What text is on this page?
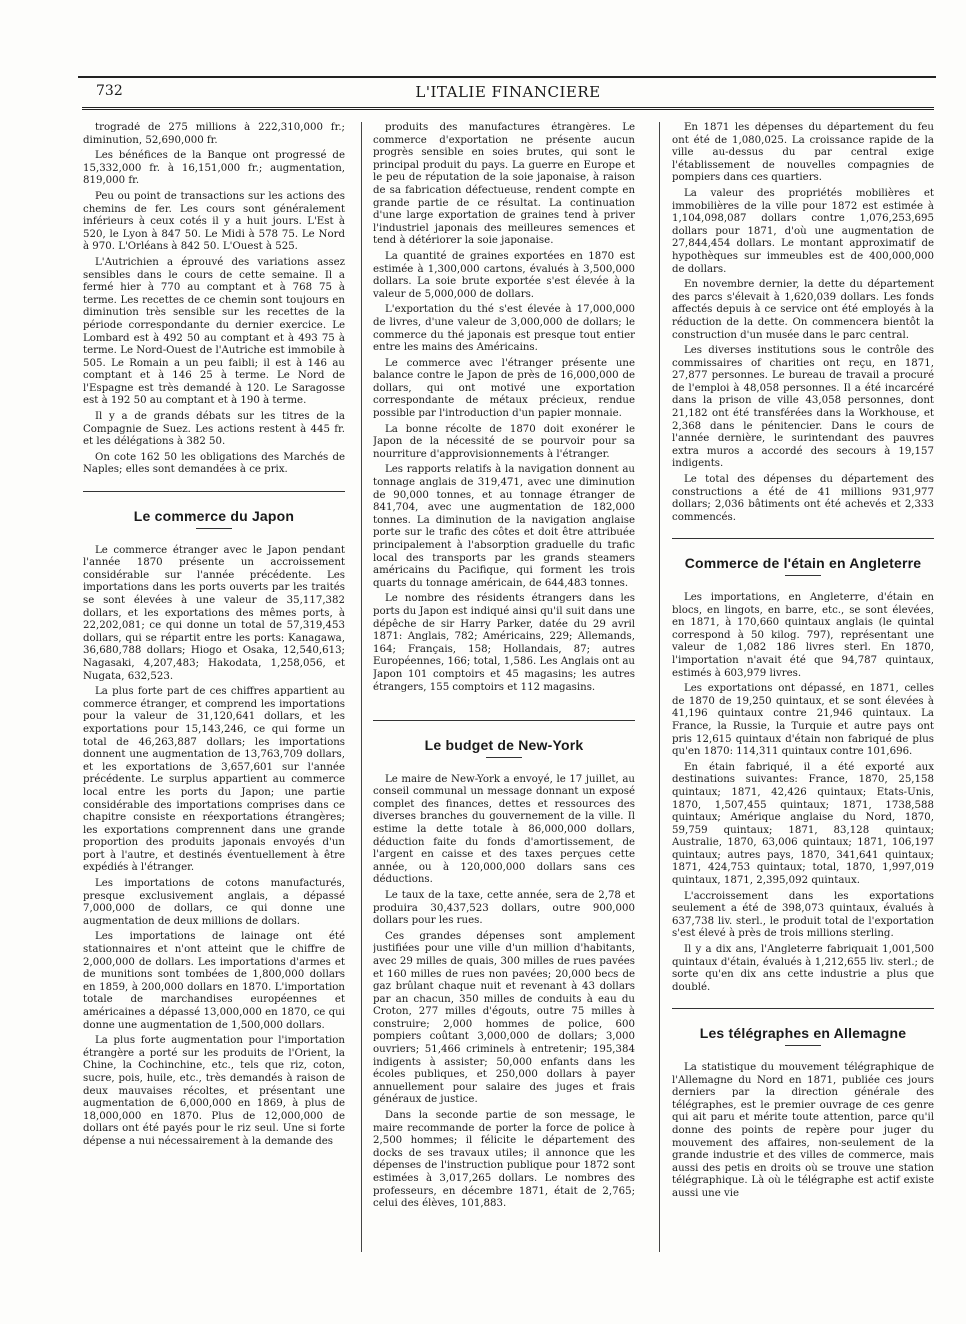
732	L'ITALIE FINANCIERE

trogradé de 275 millions à 222,310,000 fr.; diminution, 52,690,000 fr.

Les bénéfices de la Banque ont progressé de 15,332,000 fr. à 16,151,000 fr.; augmentation, 819,000 fr.

Peu ou point de transactions sur les actions des chemins de fer. Les cours sont généralement inférieurs à ceux cotés il y a huit jours. L'Est à 520, le Lyon à 847 50. Le Midi à 578 75. Le Nord à 970. L'Orléans à 842 50. L'Ouest à 525.

L'Autrichien a éprouvé des variations assez sensibles dans le cours de cette semaine. Il a fermé hier à 770 au comptant et à 768 75 à terme. Les recettes de ce chemin sont toujours en diminution très sensible sur les recettes de la période correspondante du dernier exercice. Le Lombard est à 492 50 au comptant et à 493 75 à terme. Le Nord-Ouest de l'Autriche est immobile à 505. Le Romain a un peu faibli; il est à 146 au comptant et à 146 25 à terme. Le Nord de l'Espagne est très demandé à 120. Le Saragosse est à 192 50 au comptant et à 190 à terme.

Il y a de grands débats sur les titres de la Compagnie de Suez. Les actions restent à 445 fr. et les délégations à 382 50.

On cote 162 50 les obligations des Marchés de Naples; elles sont demandées à ce prix.

Le commerce du Japon

Le commerce étranger avec le Japon pendant l'année 1870 présente un accroissement considérable sur l'année précédente. Les importations dans les ports ouverts par les traités se sont élevées à une valeur de 35,117,382 dollars, et les exportations des mêmes ports, à 22,202,081; ce qui donne un total de 57,319,453 dollars, qui se répartit entre les ports: Kanagawa, 36,680,788 dollars; Hiogo et Osaka, 12,540,613; Nagasaki, 4,207,483; Hakodata, 1,258,056, et Nugata, 632,523.

La plus forte part de ces chiffres appartient au commerce étranger, et comprend les importations pour la valeur de 31,120,641 dollars, et les exportations pour 15,143,246, ce qui forme un total de 46,263,887 dollars; les importations donnent une augmentation de 13,763,709 dollars, et les exportations de 3,657,601 sur l'année précédente. Le surplus appartient au commerce local entre les ports du Japon; une partie considérable des importations comprises dans ce chapitre consiste en réexportations étrangères; les exportations comprennent dans une grande proportion des produits japonais envoyés d'un port à l'autre, et destinés éventuellement à être expédiés à l'étranger.

Les importations de cotons manufacturés, presque exclusivement anglais, a dépassé 7,000,000 de dollars, ce qui donne une augmentation de deux millions de dollars.

Les importations de lainage ont été stationnaires et n'ont atteint que le chiffre de 2,000,000 de dollars. Les importations d'armes et de munitions sont tombées de 1,800,000 dollars en 1859, à 200,000 dollars en 1870. L'importation totale de marchandises européennes et américaines a dépassé 13,000,000 en 1870, ce qui donne une augmentation de 1,500,000 dollars.

La plus forte augmentation pour l'importation étrangère a porté sur les produits de l'Orient, la Chine, la Cochinchine, etc., tels que riz, coton, sucre, pois, huile, etc., très demandés à raison de deux mauvaises récoltes, et présentant une augmentation de 6,000,000 en 1869, à plus de 18,000,000 en 1870. Plus de 12,000,000 de dollars ont été payés pour le riz seul. Une si forte dépense a nui nécessairement à la demande des

produits des manufactures étrangères. Le commerce d'exportation ne présente aucun progrès sensible en soies brutes, qui sont le principal produit du pays. La guerre en Europe et le peu de réputation de la soie japonaise, à raison de sa fabrication défectueuse, rendent compte en grande partie de ce résultat. La continuation d'une large exportation de graines tend à priver l'industriel japonais des meilleures semences et tend à détériorer la soie japonaise.

La quantité de graines exportées en 1870 est estimée à 1,300,000 cartons, évalués à 3,500,000 dollars. La soie brute exportée s'est élevée à la valeur de 5,000,000 de dollars.

L'exportation du thé s'est élevée à 17,000,000 de livres, d'une valeur de 3,000,000 de dollars; le commerce du thé japonais est presque tout entier entre les mains des Américains.

Le commerce avec l'étranger présente une balance contre le Japon de près de 16,000,000 de dollars, qui ont motivé une exportation correspondante de métaux précieux, rendue possible par l'introduction d'un papier monnaie.

La bonne récolte de 1870 doit exonérer le Japon de la nécessité de se pourvoir pour sa nourriture d'approvisionnements à l'étranger.

Les rapports relatifs à la navigation donnent au tonnage anglais de 319,471, avec une diminution de 90,000 tonnes, et au tonnage étranger de 841,704, avec une augmentation de 182,000 tonnes. La diminution de la navigation anglaise porte sur le trafic des côtes et doit être attribuée principalement à l'absorption graduelle du trafic local des transports par les grands steamers américains du Pacifique, qui forment les trois quarts du tonnage américain, de 644,483 tonnes.

Le nombre des résidents étrangers dans les ports du Japon est indiqué ainsi qu'il suit dans une dépêche de sir Harry Parker, datée du 29 avril 1871: Anglais, 782; Américains, 229; Allemands, 164; Français, 158; Hollandais, 87; autres Européennes, 166; total, 1,586. Les Anglais ont au Japon 101 comptoirs et 45 magasins; les autres étrangers, 155 comptoirs et 112 magasins.

Le budget de New-York

Le maire de New-York a envoyé, le 17 juillet, au conseil communal un message donnant un exposé complet des finances, dettes et ressources des diverses branches du gouvernement de la ville. Il estime la dette totale à 86,000,000 dollars, déduction faite du fonds d'amortissement, de l'argent en caisse et des taxes perçues cette année, ou à 120,000,000 dollars sans ces déductions.

Le taux de la taxe, cette année, sera de 2,78 et produira 30,437,523 dollars, outre 900,000 dollars pour les rues.

Ces grandes dépenses sont amplement justifiées pour une ville d'un million d'habitants, avec 29 milles de quais, 300 milles de rues pavées et 160 milles de rues non pavées; 20,000 becs de gaz brûlant chaque nuit et revenant à 43 dollars par an chacun, 350 milles de conduits à eau du Croton, 277 milles d'égouts, outre 75 milles à construire; 2,000 hommes de police, 600 pompiers coûtant 3,000,000 de dollars; 3,000 ouvriers; 51,466 criminels à entretenir; 195,384 indigents à assister; 50,000 enfants dans les écoles publiques, et 250,000 dollars à payer annuellement pour salaire des juges et frais généraux de justice.

Dans la seconde partie de son message, le maire recommande de porter la force de police à 2,500 hommes; il félicite le département des docks de ses travaux utiles; il annonce que les dépenses de l'instruction publique pour 1872 sont estimées à 3,017,265 dollars. Le nombres des professeurs, en décembre 1871, était de 2,765; celui des élèves, 101,883.

En 1871 les dépenses du département du feu ont été de 1,080,025. La croissance rapide de la ville au-dessus du par central exige l'établissement de nouvelles compagnies de pompiers dans ces quartiers.

La valeur des propriétés mobilières et immobilières de la ville pour 1872 est estimée à 1,104,098,087 dollars contre 1,076,253,695 dollars pour 1871, d'où une augmentation de 27,844,454 dollars. Le montant approximatif de hypothèques sur immeubles est de 400,000,000 de dollars.

En novembre dernier, la dette du département des parcs s'élevait à 1,620,039 dollars. Les fonds affectés depuis à ce service ont été employés à la réduction de la dette. On commencera bientôt la construction d'un musée dans le parc central.

Les diverses institutions sous le contrôle des commissaires of charities ont reçu, en 1871, 27,877 personnes. Le bureau de travail a procuré de l'emploi à 48,058 personnes. Il a été incarcéré dans la prison de ville 43,058 personnes, dont 21,182 ont été transférées dans la Workhouse, et 2,368 dans le pénitencier. Dans le cours de l'année dernière, le surintendant des pauvres extra muros a accordé des secours à 19,157 indigents.

Le total des dépenses du département des constructions a été de 41 millions 931,977 dollars; 2,036 bâtiments ont été achevés et 2,333 commencés.

Commerce de l'étain en Angleterre

Les importations, en Angleterre, d'étain en blocs, en lingots, en barre, etc., se sont élevées, en 1871, à 170,660 quintaux anglais (le quintal correspond à 50 kilog. 797), représentant une valeur de 1,082 186 livres sterl. En 1870, l'importation n'avait été que 94,787 quintaux, estimés à 603,979 livres.

Les exportations ont dépassé, en 1871, celles de 1870 de 19,250 quintaux, et se sont élevées à 41,196 quintaux contre 21,946 quintaux. La France, la Russie, la Turquie et autre pays ont pris 12,615 quintaux d'étain non fabriqué de plus qu'en 1870: 114,311 quintaux contre 101,696.

En étain fabriqué, il a été exporté aux destinations suivantes: France, 1870, 25,158 quintaux; 1871, 42,426 quintaux; Etats-Unis, 1870, 1,507,455 quintaux; 1871, 1738,588 quintaux; Amérique anglaise du Nord, 1870, 59,759 quintaux; 1871, 83,128 quintaux; Australie, 1870, 63,006 quintaux; 1871, 106,197 quintaux; autres pays, 1870, 341,641 quintaux; 1871, 424,753 quintaux; total, 1870, 1,997,019 quintaux, 1871, 2,395,092 quintaux.

L'accroissement dans les exportations seulement a été de 398,073 quintaux, évalués à 637,738 liv. sterl., le produit total de l'exportation s'est élevé à près de trois millions sterling.

Il y a dix ans, l'Angleterre fabriquait 1,001,500 quintaux d'étain, évalués à 1,212,655 liv. sterl.; de sorte qu'en dix ans cette industrie a plus que doublé.

Les télégraphes en Allemagne

La statistique du mouvement télégraphique de l'Allemagne du Nord en 1871, publiée ces jours derniers par la direction générale des télégraphes, est le premier ouvrage de ces genre qui ait paru et mérite toute attention, parce qu'il donne des points de repère pour juger du mouvement des affaires, non-seulement de la grande industrie et des villes de commerce, mais aussi des petis en droits où se trouve une station télégraphique. Là où le télégraphe est actif existe aussi une vie
